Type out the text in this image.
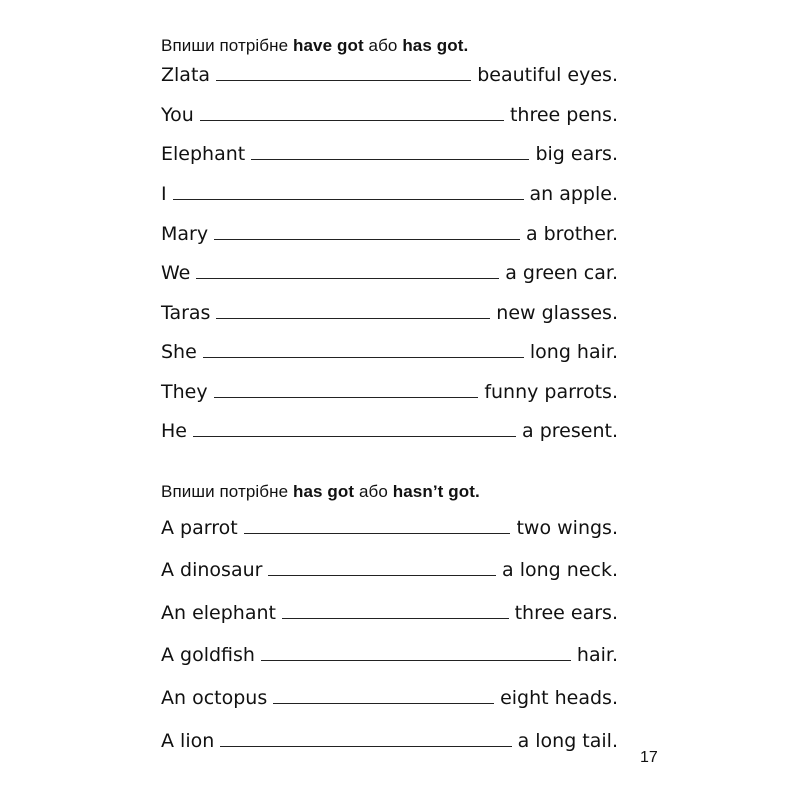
Впиши потрібне have got або has got.
Zlata	beautiful eyes.
You	three pens.
Elephant	big ears.
I	an apple.
Mary	a brother.
We	a green car.
Taras	new glasses.
She	long hair.
They	funny parrots.
He	a present.
Впиши потрібне has got або hasn’t got.
A parrot	two wings.
A dinosaur	a long neck.
An elephant	three ears.
A goldfish	hair.
An octopus	eight heads.
A lion	a long tail.
17
